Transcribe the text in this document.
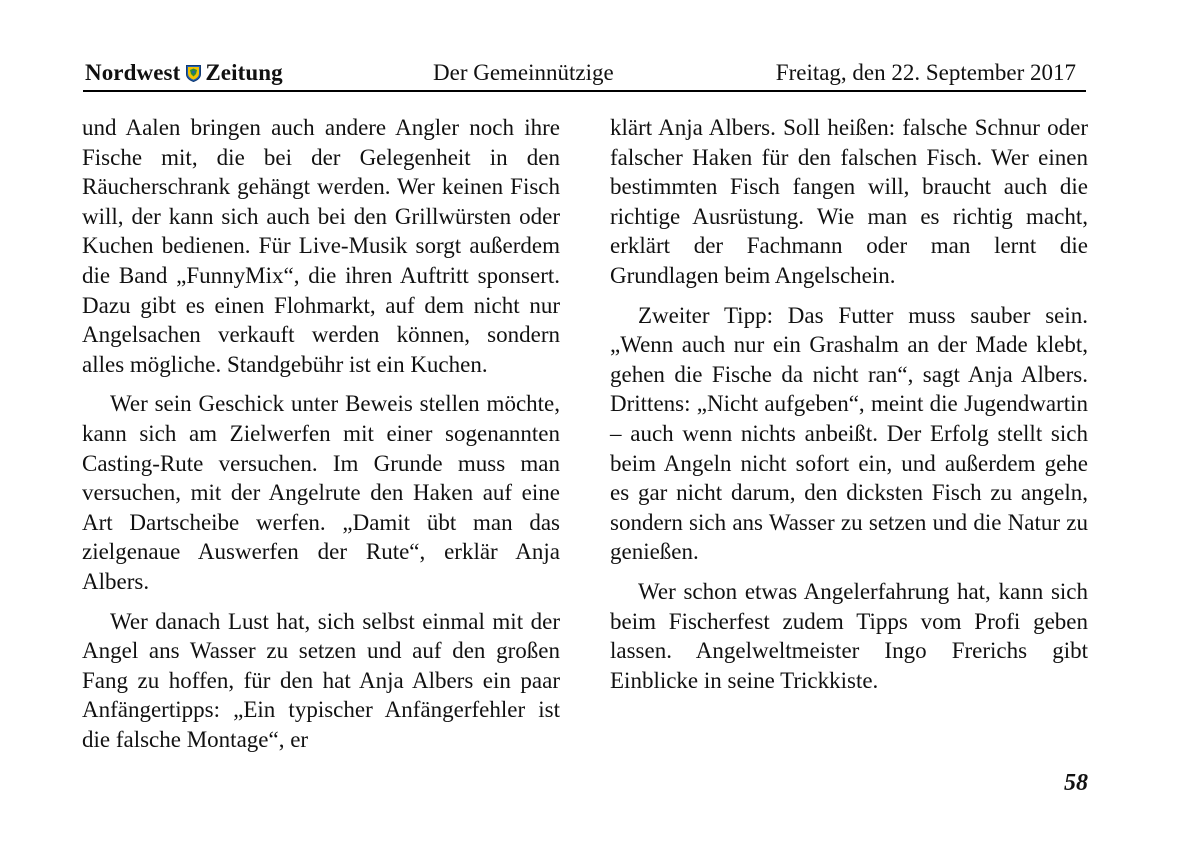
Nordwest Zeitung	Der Gemeinnützige	Freitag, den 22. September 2017

und Aalen bringen auch andere Angler noch ihre Fische mit, die bei der Gelegenheit in den Räucherschrank gehängt werden. Wer keinen Fisch will, der kann sich auch bei den Grillwürsten oder Kuchen bedienen. Für Live-Musik sorgt außerdem die Band „FunnyMix“, die ihren Auftritt sponsert. Dazu gibt es einen Flohmarkt, auf dem nicht nur Angelsachen verkauft werden können, sondern alles mögliche. Standgebühr ist ein Kuchen.

Wer sein Geschick unter Beweis stellen möchte, kann sich am Zielwerfen mit einer sogenannten Casting-Rute versuchen. Im Grunde muss man versuchen, mit der Angelrute den Haken auf eine Art Dartscheibe werfen. „Damit übt man das zielgenaue Auswerfen der Rute“, erklär Anja Albers.

Wer danach Lust hat, sich selbst einmal mit der Angel ans Wasser zu setzen und auf den großen Fang zu hoffen, für den hat Anja Albers ein paar Anfängertipps: „Ein typischer Anfängerfehler ist die falsche Montage“, er

klärt Anja Albers. Soll heißen: falsche Schnur oder falscher Haken für den falschen Fisch. Wer einen bestimmten Fisch fangen will, braucht auch die richtige Ausrüstung. Wie man es richtig macht, erklärt der Fachmann oder man lernt die Grundlagen beim Angelschein.

Zweiter Tipp: Das Futter muss sauber sein. „Wenn auch nur ein Grashalm an der Made klebt, gehen die Fische da nicht ran“, sagt Anja Albers. Drittens: „Nicht aufgeben“, meint die Jugendwartin – auch wenn nichts anbeißt. Der Erfolg stellt sich beim Angeln nicht sofort ein, und außerdem gehe es gar nicht darum, den dicksten Fisch zu angeln, sondern sich ans Wasser zu setzen und die Natur zu genießen.

Wer schon etwas Angelerfahrung hat, kann sich beim Fischerfest zudem Tipps vom Profi geben lassen. Angelweltmeister Ingo Frerichs gibt Einblicke in seine Trickkiste.

58
